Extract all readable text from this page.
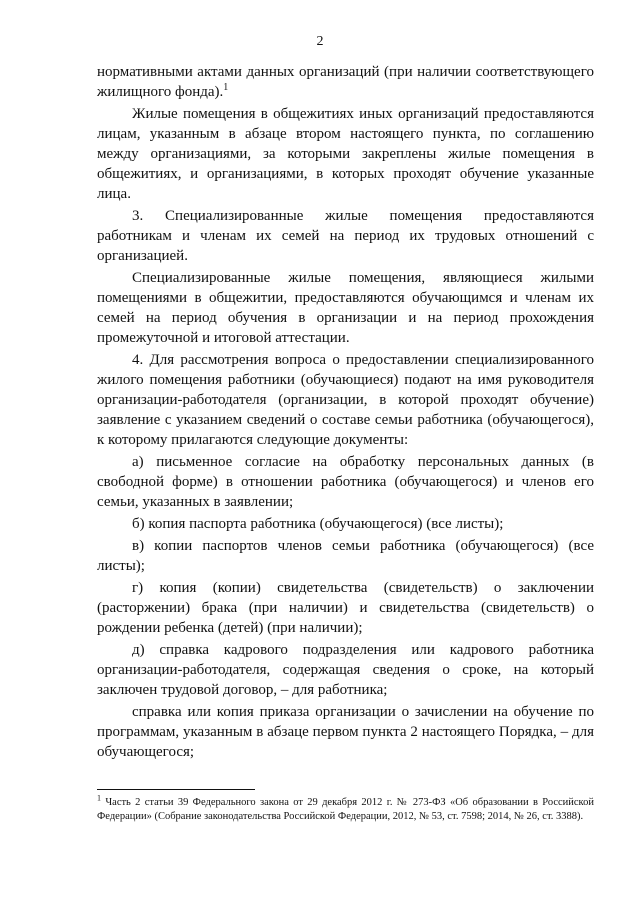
2

нормативными актами данных организаций (при наличии соответствующего жилищного фонда).$^1$

Жилые помещения в общежитиях иных организаций предоставляются лицам, указанным в абзаце втором настоящего пункта, по соглашению между организациями, за которыми закреплены жилые помещения в общежитиях, и организациями, в которых проходят обучение указанные лица.

3. Специализированные жилые помещения предоставляются работникам и членам их семей на период их трудовых отношений с организацией.

Специализированные жилые помещения, являющиеся жилыми помещениями в общежитии, предоставляются обучающимся и членам их семей на период обучения в организации и на период прохождения промежуточной и итоговой аттестации.

4. Для рассмотрения вопроса о предоставлении специализированного жилого помещения работники (обучающиеся) подают на имя руководителя организации-работодателя (организации, в которой проходят обучение) заявление с указанием сведений о составе семьи работника (обучающегося), к которому прилагаются следующие документы:

а) письменное согласие на обработку персональных данных (в свободной форме) в отношении работника (обучающегося) и членов его семьи, указанных в заявлении;

б) копия паспорта работника (обучающегося) (все листы);

в) копии паспортов членов семьи работника (обучающегося) (все листы);

г) копия (копии) свидетельства (свидетельств) о заключении (расторжении) брака (при наличии) и свидетельства (свидетельств) о рождении ребенка (детей) (при наличии);

д) справка кадрового подразделения или кадрового работника организации-работодателя, содержащая сведения о сроке, на который заключен трудовой договор, – для работника;

справка или копия приказа организации о зачислении на обучение по программам, указанным в абзаце первом пункта 2 настоящего Порядка, – для обучающегося;

$^1$ Часть 2 статьи 39 Федерального закона от 29 декабря 2012 г. № 273-ФЗ «Об образовании в Российской Федерации» (Собрание законодательства Российской Федерации, 2012, № 53, ст. 7598; 2014, № 26, ст. 3388).
